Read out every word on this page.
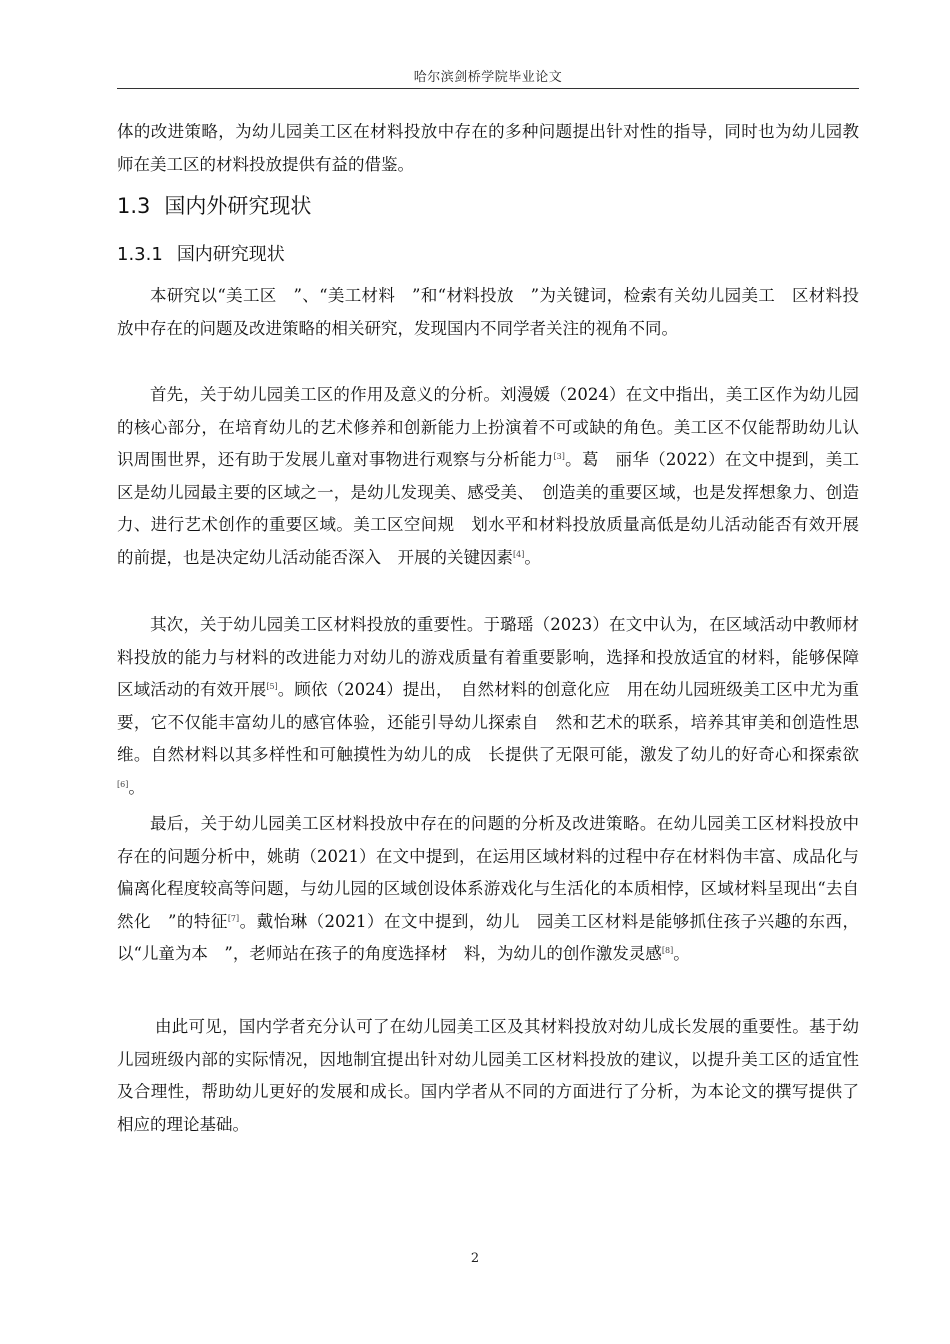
哈尔滨剑桥学院毕业论文

体的改进策略，为幼儿园美工区在材料投放中存在的多种问题提出针对性的指导，同时也为幼儿园教师在美工区的材料投放提供有益的借鉴。

1.3 国内外研究现状
1.3.1 国内研究现状

本研究以“美工区　”、“美工材料　”和“材料投放　”为关键词，检索有关幼儿园美工　区材料投放中存在的问题及改进策略的相关研究，发现国内不同学者关注的视角不同。

首先，关于幼儿园美工区的作用及意义的分析。刘漫媛（2024）在文中指出，美工区作为幼儿园的核心部分，在培育幼儿的艺术修养和创新能力上扮演着不可或缺的角色。美工区不仅能帮助幼儿认识周围世界，还有助于发展儿童对事物进行观察与分析能力[3]。葛　丽华（2022）在文中提到，美工区是幼儿园最主要的区域之一，是幼儿发现美、感受美、　创造美的重要区域，也是发挥想象力、创造力、进行艺术创作的重要区域。美工区空间规　划水平和材料投放质量高低是幼儿活动能否有效开展的前提，也是决定幼儿活动能否深入　开展的关键因素[4]。

其次，关于幼儿园美工区材料投放的重要性。于璐瑶（2023）在文中认为，在区域活动中教师材料投放的能力与材料的改进能力对幼儿的游戏质量有着重要影响，选择和投放适宜的材料，能够保障区域活动的有效开展[5]。顾依（2024）提出，　自然材料的创意化应　用在幼儿园班级美工区中尤为重要，它不仅能丰富幼儿的感官体验，还能引导幼儿探索自　然和艺术的联系，培养其审美和创造性思维。自然材料以其多样性和可触摸性为幼儿的成　长提供了无限可能，激发了幼儿的好奇心和探索欲[6]。

最后，关于幼儿园美工区材料投放中存在的问题的分析及改进策略。在幼儿园美工区材料投放中存在的问题分析中，姚萌（2021）在文中提到，在运用区域材料的过程中存在材料伪丰富、成品化与偏离化程度较高等问题，与幼儿园的区域创设体系游戏化与生活化的本质相悖，区域材料呈现出“去自然化　”的特征[7]。戴怡琳（2021）在文中提到，幼儿　园美工区材料是能够抓住孩子兴趣的东西，以“儿童为本　”，老师站在孩子的角度选择材　料，为幼儿的创作激发灵感[8]。

由此可见，国内学者充分认可了在幼儿园美工区及其材料投放对幼儿成长发展的重要性。基于幼儿园班级内部的实际情况，因地制宜提出针对幼儿园美工区材料投放的建议，以提升美工区的适宜性及合理性，帮助幼儿更好的发展和成长。国内学者从不同的方面进行了分析，为本论文的撰写提供了相应的理论基础。

2
